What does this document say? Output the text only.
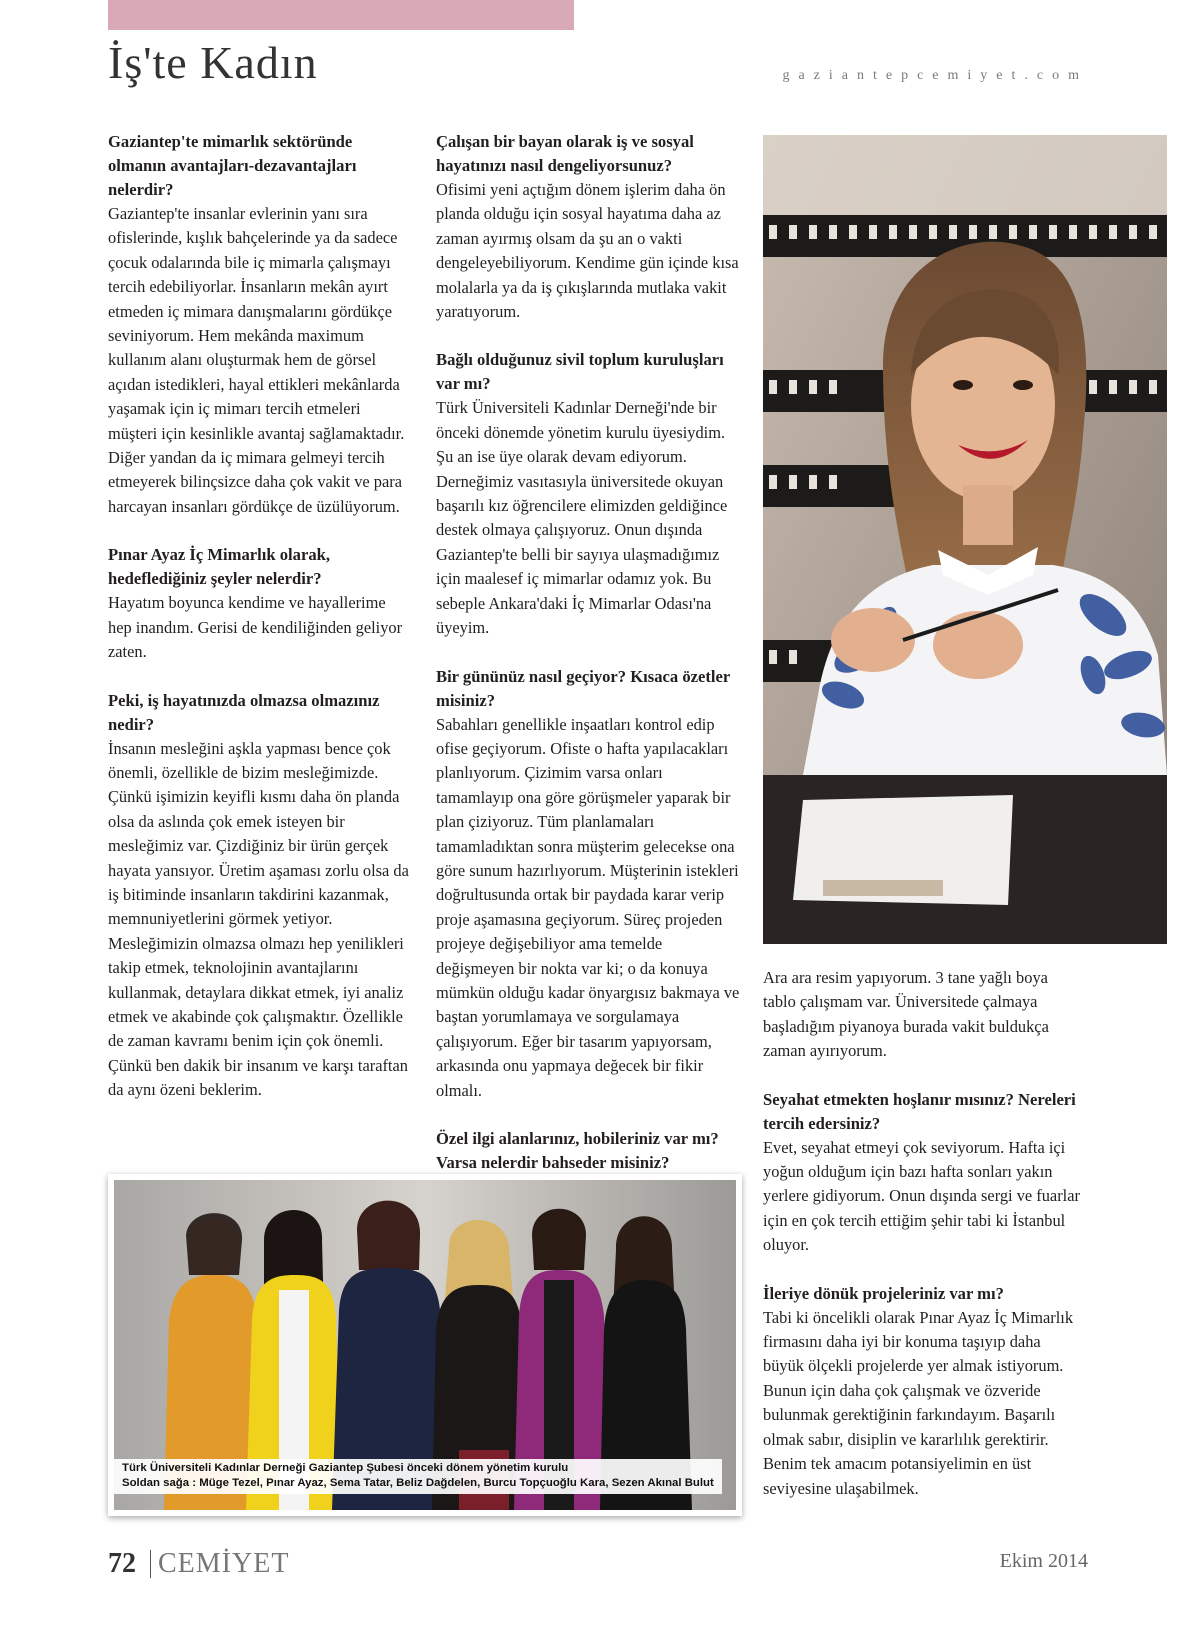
İş'te Kadın	gaziantepcemiyet.com
Gaziantep'te mimarlık sektöründe olmanın avantajları-dezavantajları nelerdir?

Gaziantep'te insanlar evlerinin yanı sıra ofislerinde, kışlık bahçelerinde ya da sadece çocuk odalarında bile iç mimarla çalışmayı tercih edebiliyorlar. İnsanların mekân ayırt etmeden iç mimara danışmalarını gördükçe seviniyorum. Hem mekânda maximum kullanım alanı oluşturmak hem de görsel açıdan istedikleri, hayal ettikleri mekânlarda yaşamak için iç mimarı tercih etmeleri müşteri için kesinlikle avantaj sağlamaktadır. Diğer yandan da iç mimara gelmeyi tercih etmeyerek bilinçsizce daha çok vakit ve para harcayan insanları gördükçe de üzülüyorum.

Pınar Ayaz İç Mimarlık olarak, hedeflediğiniz şeyler nelerdir?

Hayatım boyunca kendime ve hayallerime hep inandım. Gerisi de kendiliğinden geliyor zaten.

Peki, iş hayatınızda olmazsa olmazınız nedir?

İnsanın mesleğini aşkla yapması bence çok önemli, özellikle de bizim mesleğimizde. Çünkü işimizin keyifli kısmı daha ön planda olsa da aslında çok emek isteyen bir mesleğimiz var. Çizdiğiniz bir ürün gerçek hayata yansıyor. Üretim aşaması zorlu olsa da iş bitiminde insanların takdirini kazanmak, memnuniyetlerini görmek yetiyor. Mesleğimizin olmazsa olmazı hep yenilikleri takip etmek, teknolojinin avantajlarını kullanmak, detaylara dikkat etmek, iyi analiz etmek ve akabinde çok çalışmaktır. Özellikle de zaman kavramı benim için çok önemli. Çünkü ben dakik bir insanım ve karşı taraftan da aynı özeni beklerim.

Çalışan bir bayan olarak iş ve sosyal hayatınızı nasıl dengeliyorsunuz?

Ofisimi yeni açtığım dönem işlerim daha ön planda olduğu için sosyal hayatıma daha az zaman ayırmış olsam da şu an o vakti dengeleyebiliyorum. Kendime gün içinde kısa molalarla ya da iş çıkışlarında mutlaka vakit yaratıyorum.

Bağlı olduğunuz sivil toplum kuruluşları var mı?

Türk Üniversiteli Kadınlar Derneği'nde bir önceki dönemde yönetim kurulu üyesiydim. Şu an ise üye olarak devam ediyorum. Derneğimiz vasıtasıyla üniversitede okuyan başarılı kız öğrencilere elimizden geldiğince destek olmaya çalışıyoruz. Onun dışında Gaziantep'te belli bir sayıya ulaşmadığımız için maalesef iç mimarlar odamız yok. Bu sebeple Ankara'daki İç Mimarlar Odası'na üyeyim.

Bir gününüz nasıl geçiyor? Kısaca özetler misiniz?

Sabahları genellikle inşaatları kontrol edip ofise geçiyorum. Ofiste o hafta yapılacakları planlıyorum. Çizimim varsa onları tamamlayıp ona göre görüşmeler yaparak bir plan çiziyoruz. Tüm planlamaları tamamladıktan sonra müşterim gelecekse ona göre sunum hazırlıyorum. Müşterinin istekleri doğrultusunda ortak bir paydada karar verip proje aşamasına geçiyorum. Süreç projeden projeye değişebiliyor ama temelde değişmeyen bir nokta var ki; o da konuya mümkün olduğu kadar önyargısız bakmaya ve baştan yorumlamaya ve sorgulamaya çalışıyorum. Eğer bir tasarım yapıyorsam, arkasında onu yapmaya değecek bir fikir olmalı.

Özel ilgi alanlarınız, hobileriniz var mı? Varsa nelerdir bahseder misiniz?

Ara ara resim yapıyorum. 3 tane yağlı boya tablo çalışmam var. Üniversitede çalmaya başladığım piyanoya burada vakit buldukça zaman ayırıyorum.

Seyahat etmekten hoşlanır mısınız? Nereleri tercih edersiniz?

Evet, seyahat etmeyi çok seviyorum. Hafta içi yoğun olduğum için bazı hafta sonları yakın yerlere gidiyorum. Onun dışında sergi ve fuarlar için en çok tercih ettiğim şehir tabi ki İstanbul oluyor.

İleriye dönük projeleriniz var mı?

Tabi ki öncelikli olarak Pınar Ayaz İç Mimarlık firmasını daha iyi bir konuma taşıyıp daha büyük ölçekli projelerde yer almak istiyorum. Bunun için daha çok çalışmak ve özveride bulunmak gerektiğinin farkındayım. Başarılı olmak sabır, disiplin ve kararlılık gerektirir. Benim tek amacım potansiyelimin en üst seviyesine ulaşabilmek.

Türk Üniversiteli Kadınlar Derneği Gaziantep Şubesi önceki dönem yönetim kurulu
Soldan sağa : Müge Tezel, Pınar Ayaz, Sema Tatar, Beliz Dağdelen, Burcu Topçuoğlu Kara, Sezen Akınal Bulut
72 CEMİYET	Ekim 2014
